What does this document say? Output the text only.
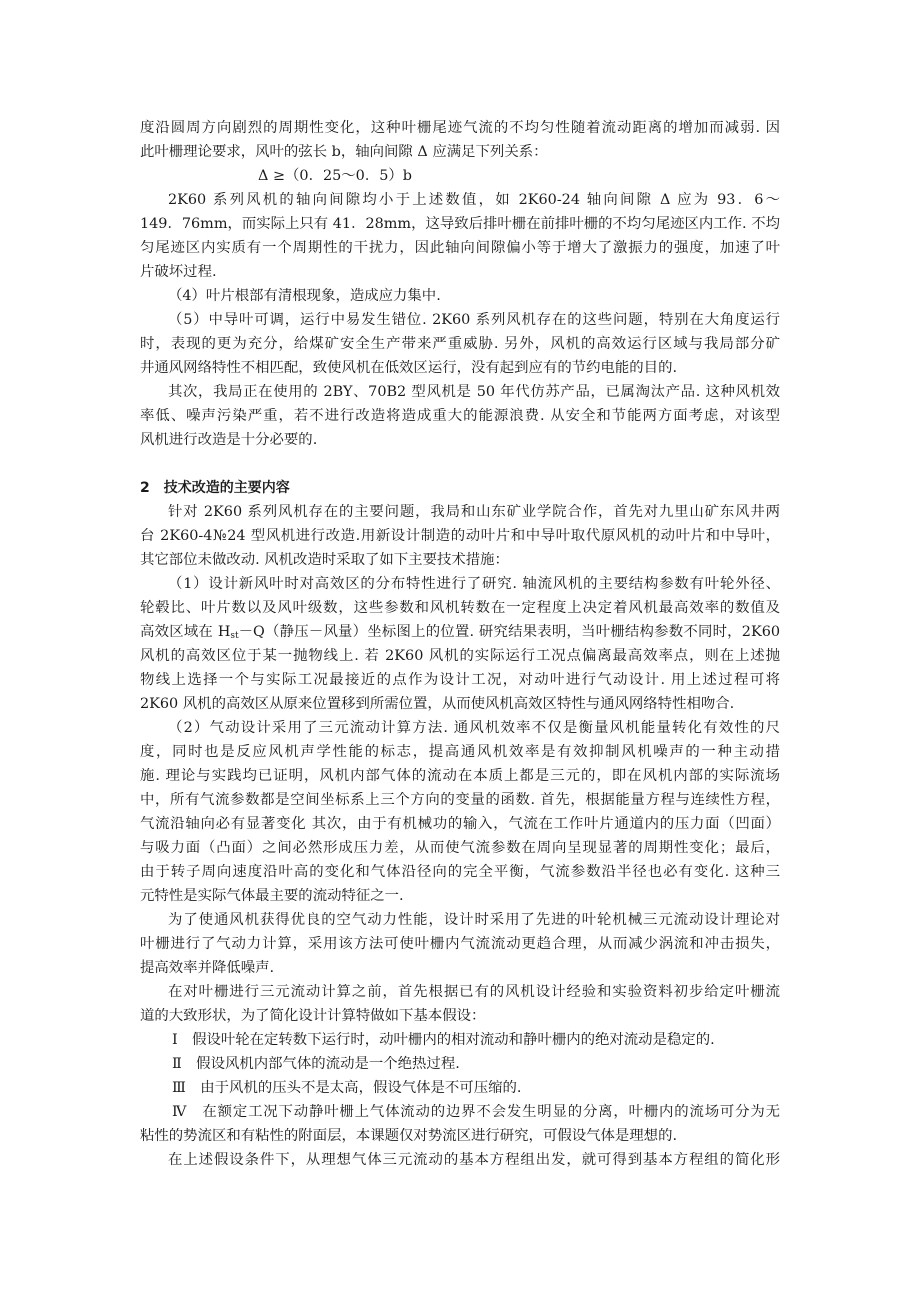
度沿圆周方向剧烈的周期性变化，这种叶栅尾迹气流的不均匀性随着流动距离的增加而减弱. 因
此叶栅理论要求，风叶的弦长 b，轴向间隙 Δ 应满足下列关系：
Δ ≥（0．25～0．5）b
2K60 系列风机的轴向间隙均小于上述数值，如 2K60-24 轴向间隙 Δ 应为 93．6～
149．76mm，而实际上只有 41．28mm，这导致后排叶栅在前排叶栅的不均匀尾迹区内工作. 不均
匀尾迹区内实质有一个周期性的干扰力，因此轴向间隙偏小等于增大了激振力的强度，加速了叶
片破坏过程.
（4）叶片根部有清根现象，造成应力集中.
（5）中导叶可调，运行中易发生错位. 2K60 系列风机存在的这些问题，特别在大角度运行
时，表现的更为充分，给煤矿安全生产带来严重威胁. 另外，风机的高效运行区域与我局部分矿
井通风网络特性不相匹配，致使风机在低效区运行，没有起到应有的节约电能的目的.
其次，我局正在使用的 2BY、70B2 型风机是 50 年代仿苏产品，已属淘汰产品. 这种风机效
率低、噪声污染严重，若不进行改造将造成重大的能源浪费. 从安全和节能两方面考虑，对该型
风机进行改造是十分必要的.
2　技术改造的主要内容
针对 2K60 系列风机存在的主要问题，我局和山东矿业学院合作，首先对九里山矿东风井两
台 2K60-4№24 型风机进行改造.用新设计制造的动叶片和中导叶取代原风机的动叶片和中导叶，
其它部位未做改动. 风机改造时采取了如下主要技术措施：
（1）设计新风叶时对高效区的分布特性进行了研究. 轴流风机的主要结构参数有叶轮外径、
轮毂比、叶片数以及风叶级数，这些参数和风机转数在一定程度上决定着风机最高效率的数值及
高效区域在 $H_{st}-Q$（静压－风量）坐标图上的位置. 研究结果表明，当叶栅结构参数不同时，2K60
风机的高效区位于某一抛物线上. 若 2K60 风机的实际运行工况点偏离最高效率点，则在上述抛
物线上选择一个与实际工况最接近的点作为设计工况，对动叶进行气动设计. 用上述过程可将
2K60 风机的高效区从原来位置移到所需位置，从而使风机高效区特性与通风网络特性相吻合.
（2）气动设计采用了三元流动计算方法. 通风机效率不仅是衡量风机能量转化有效性的尺
度，同时也是反应风机声学性能的标志，提高通风机效率是有效抑制风机噪声的一种主动措
施. 理论与实践均已证明，风机内部气体的流动在本质上都是三元的，即在风机内部的实际流场
中，所有气流参数都是空间坐标系上三个方向的变量的函数. 首先，根据能量方程与连续性方程，
气流沿轴向必有显著变化 其次，由于有机械功的输入，气流在工作叶片通道内的压力面（凹面）
与吸力面（凸面）之间必然形成压力差，从而使气流参数在周向呈现显著的周期性变化；最后，
由于转子周向速度沿叶高的变化和气体沿径向的完全平衡，气流参数沿半径也必有变化. 这种三
元特性是实际气体最主要的流动特征之一.
为了使通风机获得优良的空气动力性能，设计时采用了先进的叶轮机械三元流动设计理论对
叶栅进行了气动力计算，采用该方法可使叶栅内气流流动更趋合理，从而减少涡流和冲击损失，
提高效率并降低噪声.
在对叶栅进行三元流动计算之前，首先根据已有的风机设计经验和实验资料初步给定叶栅流
道的大致形状，为了简化设计计算特做如下基本假设：
Ⅰ　假设叶轮在定转数下运行时，动叶栅内的相对流动和静叶栅内的绝对流动是稳定的.
Ⅱ　假设风机内部气体的流动是一个绝热过程.
Ⅲ　由于风机的压头不是太高，假设气体是不可压缩的.
Ⅳ　在额定工况下动静叶栅上气体流动的边界不会发生明显的分离，叶栅内的流场可分为无
粘性的势流区和有粘性的附面层，本课题仅对势流区进行研究，可假设气体是理想的.
在上述假设条件下，从理想气体三元流动的基本方程组出发，就可得到基本方程组的简化形
